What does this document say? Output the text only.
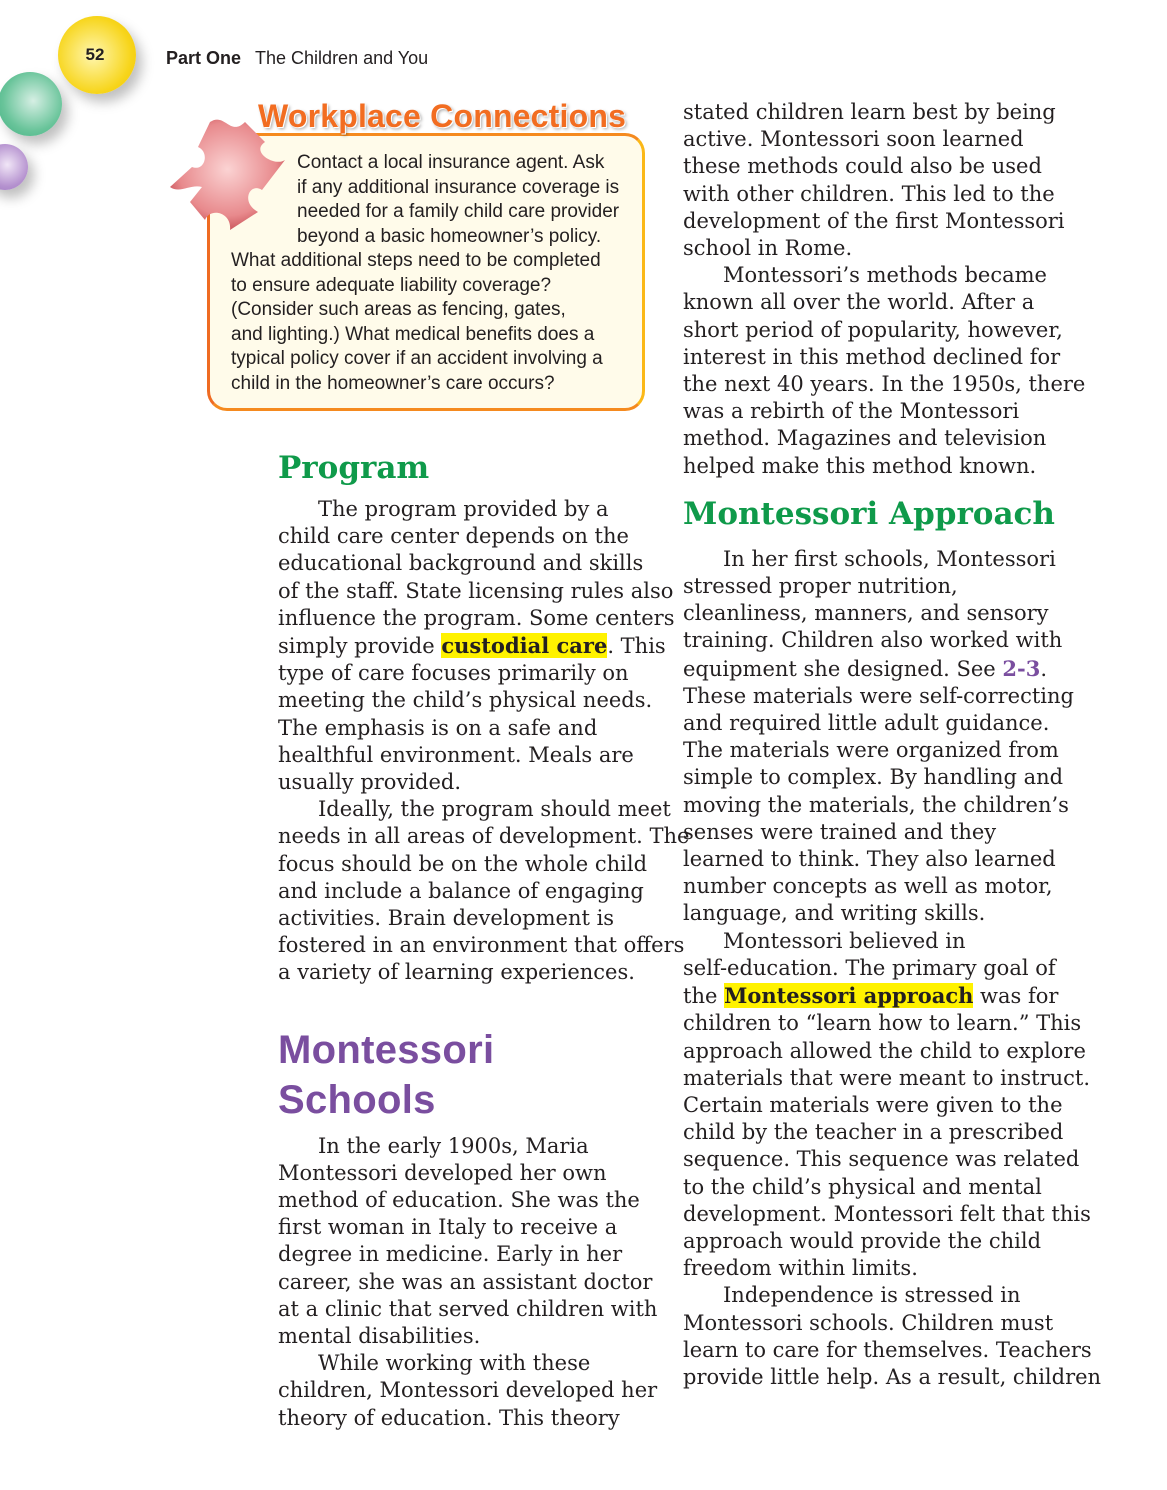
52	Part One The Children and You
Workplace Connections
Contact a local insurance agent. Ask
if any additional insurance coverage is
needed for a family child care provider
beyond a basic homeowner’s policy.
What additional steps need to be completed
to ensure adequate liability coverage?
(Consider such areas as fencing, gates,
and lighting.) What medical benefits does a
typical policy cover if an accident involving a
child in the homeowner’s care occurs?
Program
The program provided by a
child care center depends on the
educational background and skills
of the staff. State licensing rules also
influence the program. Some centers
simply provide custodial care. This
type of care focuses primarily on
meeting the child’s physical needs.
The emphasis is on a safe and
healthful environment. Meals are
usually provided.
Ideally, the program should meet
needs in all areas of development. The
focus should be on the whole child
and include a balance of engaging
activities. Brain development is
fostered in an environment that offers
a variety of learning experiences.
Montessori Schools
In the early 1900s, Maria
Montessori developed her own
method of education. She was the
first woman in Italy to receive a
degree in medicine. Early in her
career, she was an assistant doctor
at a clinic that served children with
mental disabilities.
While working with these
children, Montessori developed her
theory of education. This theory
stated children learn best by being
active. Montessori soon learned
these methods could also be used
with other children. This led to the
development of the first Montessori
school in Rome.
Montessori’s methods became
known all over the world. After a
short period of popularity, however,
interest in this method declined for
the next 40 years. In the 1950s, there
was a rebirth of the Montessori
method. Magazines and television
helped make this method known.
Montessori Approach
In her first schools, Montessori
stressed proper nutrition,
cleanliness, manners, and sensory
training. Children also worked with
equipment she designed. See 2-3.
These materials were self-correcting
and required little adult guidance.
The materials were organized from
simple to complex. By handling and
moving the materials, the children’s
senses were trained and they
learned to think. They also learned
number concepts as well as motor,
language, and writing skills.
Montessori believed in
self-education. The primary goal of
the Montessori approach was for
children to “learn how to learn.” This
approach allowed the child to explore
materials that were meant to instruct.
Certain materials were given to the
child by the teacher in a prescribed
sequence. This sequence was related
to the child’s physical and mental
development. Montessori felt that this
approach would provide the child
freedom within limits.
Independence is stressed in
Montessori schools. Children must
learn to care for themselves. Teachers
provide little help. As a result, children
